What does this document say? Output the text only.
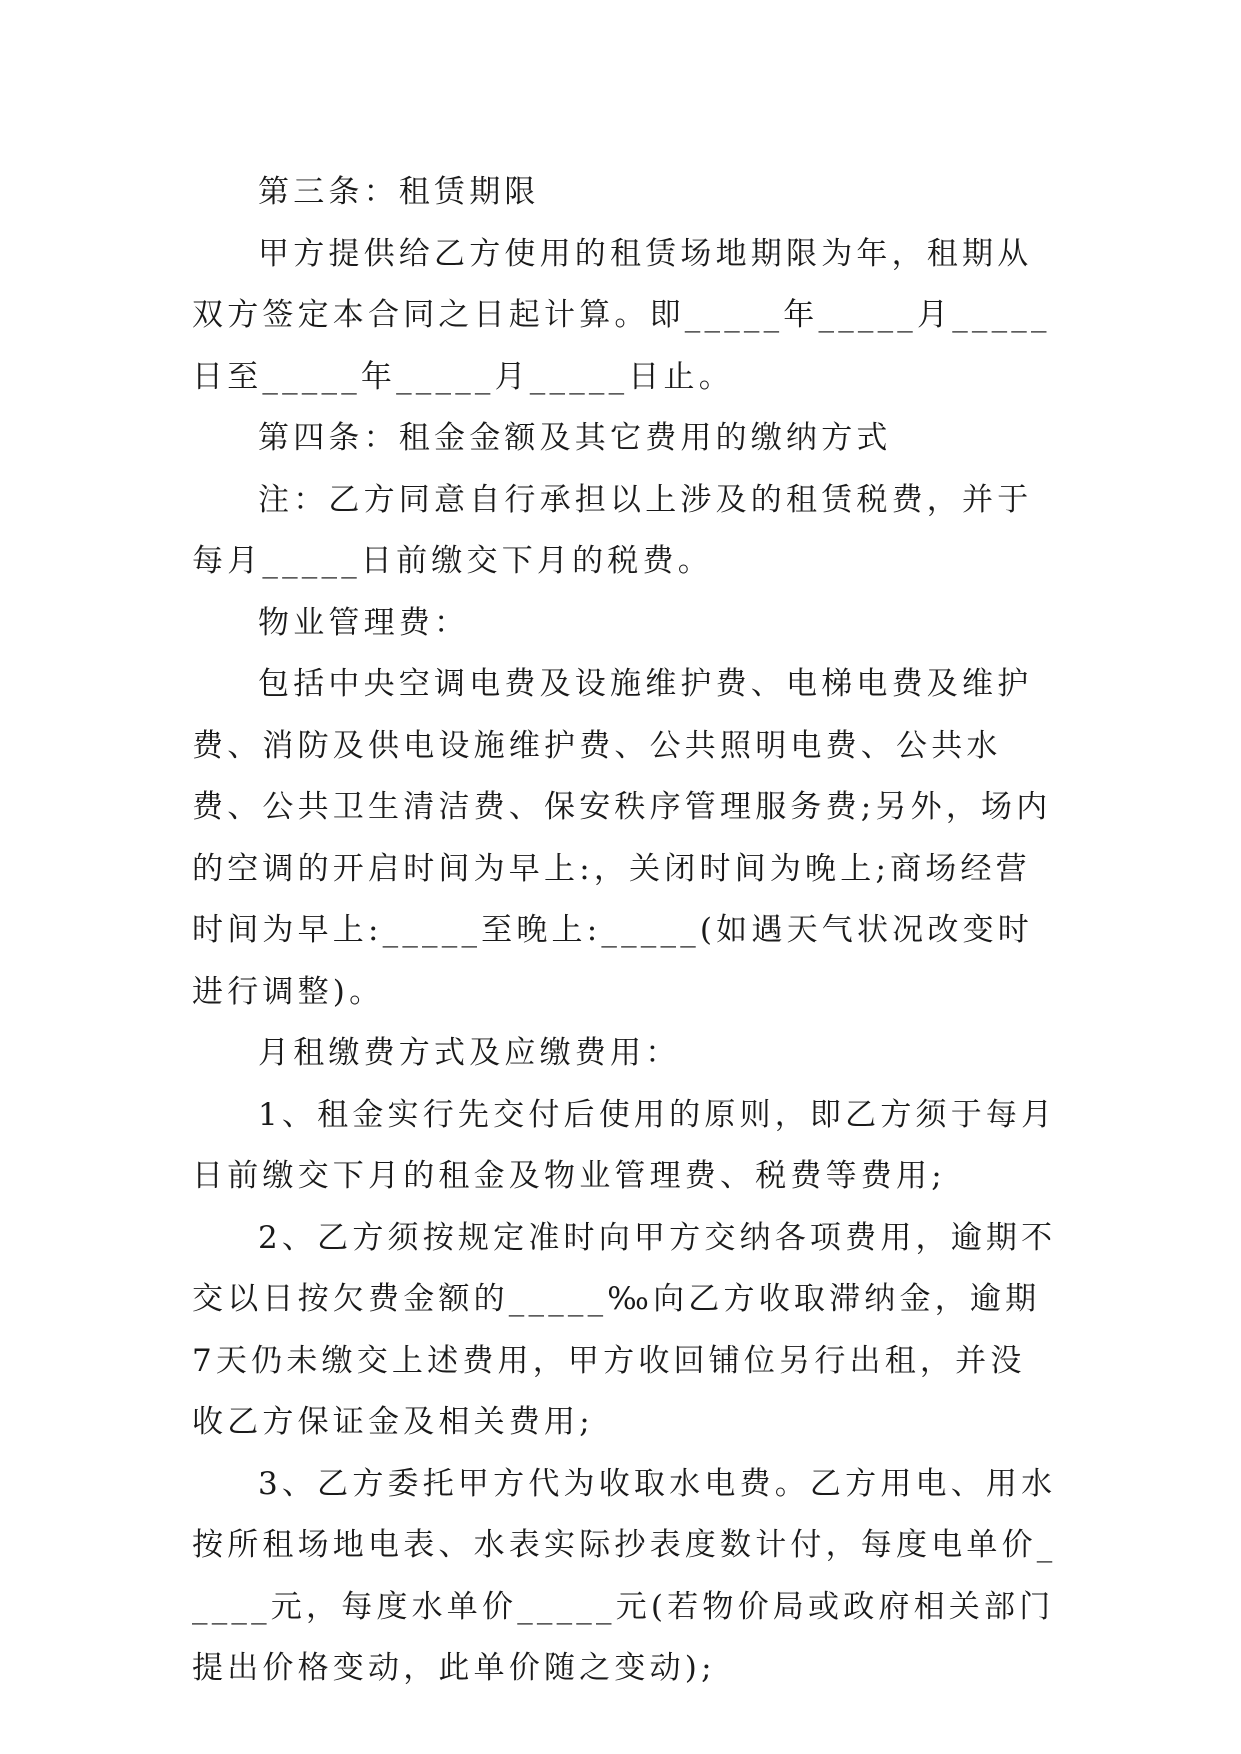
第三条：租赁期限

甲方提供给乙方使用的租赁场地期限为年，租期从双方签定本合同之日起计算。即_____年_____月_____日至_____年_____月_____日止。

第四条：租金金额及其它费用的缴纳方式

注：乙方同意自行承担以上涉及的租赁税费，并于每月_____日前缴交下月的税费。

物业管理费：

包括中央空调电费及设施维护费、电梯电费及维护费、消防及供电设施维护费、公共照明电费、公共水费、公共卫生清洁费、保安秩序管理服务费;另外，场内的空调的开启时间为早上:，关闭时间为晚上;商场经营时间为早上:_____至晚上:_____(如遇天气状况改变时进行调整)。

月租缴费方式及应缴费用：

1、租金实行先交付后使用的原则，即乙方须于每月日前缴交下月的租金及物业管理费、税费等费用;

2、乙方须按规定准时向甲方交纳各项费用，逾期不交以日按欠费金额的_____‰向乙方收取滞纳金，逾期7天仍未缴交上述费用，甲方收回铺位另行出租，并没收乙方保证金及相关费用;

3、乙方委托甲方代为收取水电费。乙方用电、用水按所租场地电表、水表实际抄表度数计付，每度电单价_____元，每度水单价_____元(若物价局或政府相关部门提出价格变动，此单价随之变动);
